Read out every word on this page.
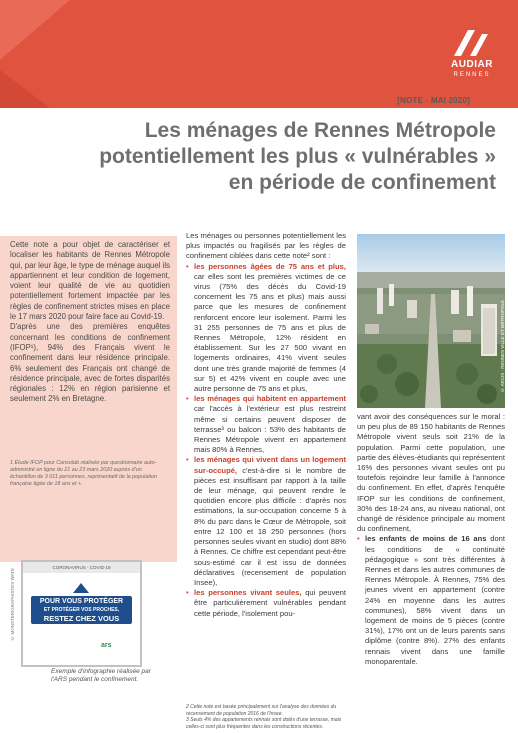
AUDIAR
RENNES
[NOTE - MAI 2020]
Les ménages de Rennes Métropole
potentiellement les plus « vulnérables »
en période de confinement

Cette note a pour objet de caractériser et localiser les habitants de Rennes Métropole qui, par leur âge, le type de ménage auquel ils appartiennent et leur condition de logement, voient leur qualité de vie au quotidien potentiellement fortement impactée par les règles de confinement strictes mises en place le 17 mars 2020 pour faire face au Covid-19.

D'après une des premières enquêtes concernant les conditions de confinement (IFOP¹), 94% des Français vivent le confinement dans leur résidence principale. 6% seulement des Français ont changé de résidence principale, avec de fortes disparités régionales : 12% en région parisienne et seulement 2% en Bretagne.

1 Étude IFOP pour Consolab réalisée par questionnaire auto-administré en ligne du 21 au 23 mars 2020 auprès d'un échantillon de 3 011 personnes, représentatif de la population française âgée de 18 ans et +.
© MONSTERIGRAPHISTES WATE
CORONAVIRUS - COVID-19
POUR VOUS PROTÉGER
ET PROTÉGER VOS PROCHES,
RESTEZ CHEZ VOUS
ars
Exemple d'infographie réalisée par l'ARS pendant le confinement.

Les ménages ou personnes potentiellement les plus impactés ou fragilisés par les règles de confinement ciblées dans cette note² sont :

• les personnes âgées de 75 ans et plus, car elles sont les premières victimes de ce virus (75% des décès du Covid-19 concernent les 75 ans et plus) mais aussi parce que les mesures de confinement renforcent encore leur isolement. Parmi les 31 255 personnes de 75 ans et plus de Rennes Métropole, 12% résident en établissement. Sur les 27 500 vivant en logements ordinaires, 41% vivent seules dont une très grande majorité de femmes (4 sur 5) et 42% vivent en couple avec une autre personne de 75 ans et plus,
• les ménages qui habitent en appartement car l'accès à l'extérieur est plus restreint même si certains peuvent disposer de terrasse³ ou balcon : 53% des habitants de Rennes Métropole vivent en appartement mais 80% à Rennes,
• les ménages qui vivent dans un logement sur-occupé, c'est-à-dire si le nombre de pièces est insuffisant par rapport à la taille de leur ménage, qui peuvent rendre le quotidien encore plus difficile : d'après nos estimations, la sur-occupation concerne 5 à 8% du parc dans le Cœur de Métropole, soit entre 12 100 et 18 250 personnes (hors personnes seules vivant en studio) dont 88% à Rennes. Ce chiffre est cependant peut-être sous-estimé car il est issu de données déclaratives (recensement de population Insee),
• les personnes vivant seules, qui peuvent être particulièrement vulnérables pendant cette période, l'isolement pou-
2 Cette note est basée principalement sur l'analyse des données du recensement de population 2016 de l'Insee.
3 Seuls 4% des appartements rennais sont dotés d'une terrasse, mais celles-ci sont plus fréquentes dans les constructions récentes.
© ARCIS - RENNES VILLE ET MÉTROPOLE

vant avoir des conséquences sur le moral : un peu plus de 89 150 habitants de Rennes Métropole vivent seuls soit 21% de la population. Parmi cette population, une partie des élèves-étudiants qui représentent 16% des personnes vivant seules ont pu toutefois rejoindre leur famille à l'annonce du confinement. En effet, d'après l'enquête IFOP sur les conditions de confinement, 30% des 18-24 ans, au niveau national, ont changé de résidence principale au moment du confinement,

• les enfants de moins de 16 ans dont les conditions de « continuité pédagogique » sont très différentes à Rennes et dans les autres communes de Rennes Métropole. À Rennes, 75% des jeunes vivent en appartement (contre 24% en moyenne dans les autres communes), 58% vivent dans un logement de moins de 5 pièces (contre 31%), 17% ont un de leurs parents sans diplôme (contre 8%). 27% des enfants rennais vivent dans une famille monoparentale.
